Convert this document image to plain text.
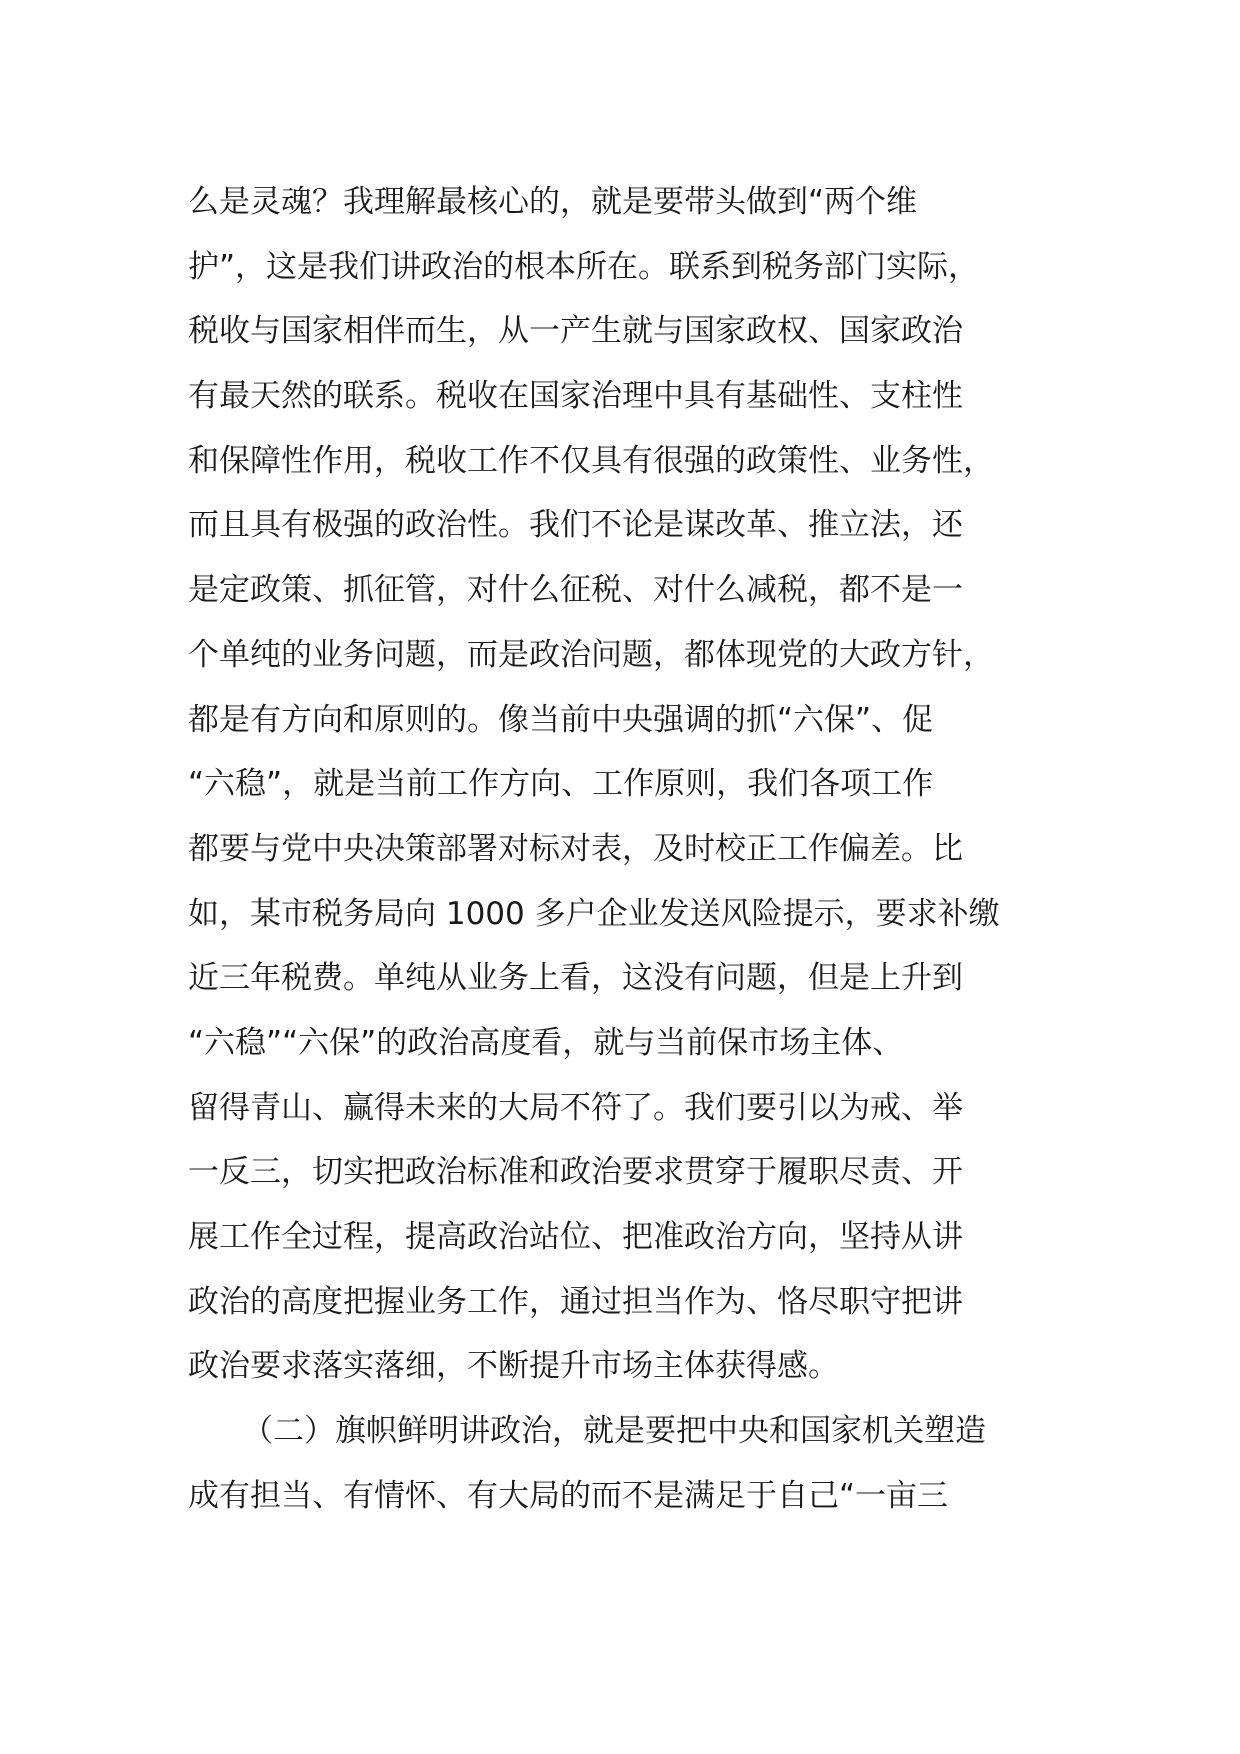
么是灵魂？我理解最核心的，就是要带头做到“两个维
护”，这是我们讲政治的根本所在。联系到税务部门实际，
税收与国家相伴而生，从一产生就与国家政权、国家政治
有最天然的联系。税收在国家治理中具有基础性、支柱性
和保障性作用，税收工作不仅具有很强的政策性、业务性，
而且具有极强的政治性。我们不论是谋改革、推立法，还
是定政策、抓征管，对什么征税、对什么减税，都不是一
个单纯的业务问题，而是政治问题，都体现党的大政方针，
都是有方向和原则的。像当前中央强调的抓“六保”、促
“六稳”，就是当前工作方向、工作原则，我们各项工作
都要与党中央决策部署对标对表，及时校正工作偏差。比
如，某市税务局向 1000 多户企业发送风险提示，要求补缴
近三年税费。单纯从业务上看，这没有问题，但是上升到
“六稳”“六保”的政治高度看，就与当前保市场主体、
留得青山、赢得未来的大局不符了。我们要引以为戒、举
一反三，切实把政治标准和政治要求贯穿于履职尽责、开
展工作全过程，提高政治站位、把准政治方向，坚持从讲
政治的高度把握业务工作，通过担当作为、恪尽职守把讲
政治要求落实落细，不断提升市场主体获得感。
（二）旗帜鲜明讲政治，就是要把中央和国家机关塑造
成有担当、有情怀、有大局的而不是满足于自己“一亩三
